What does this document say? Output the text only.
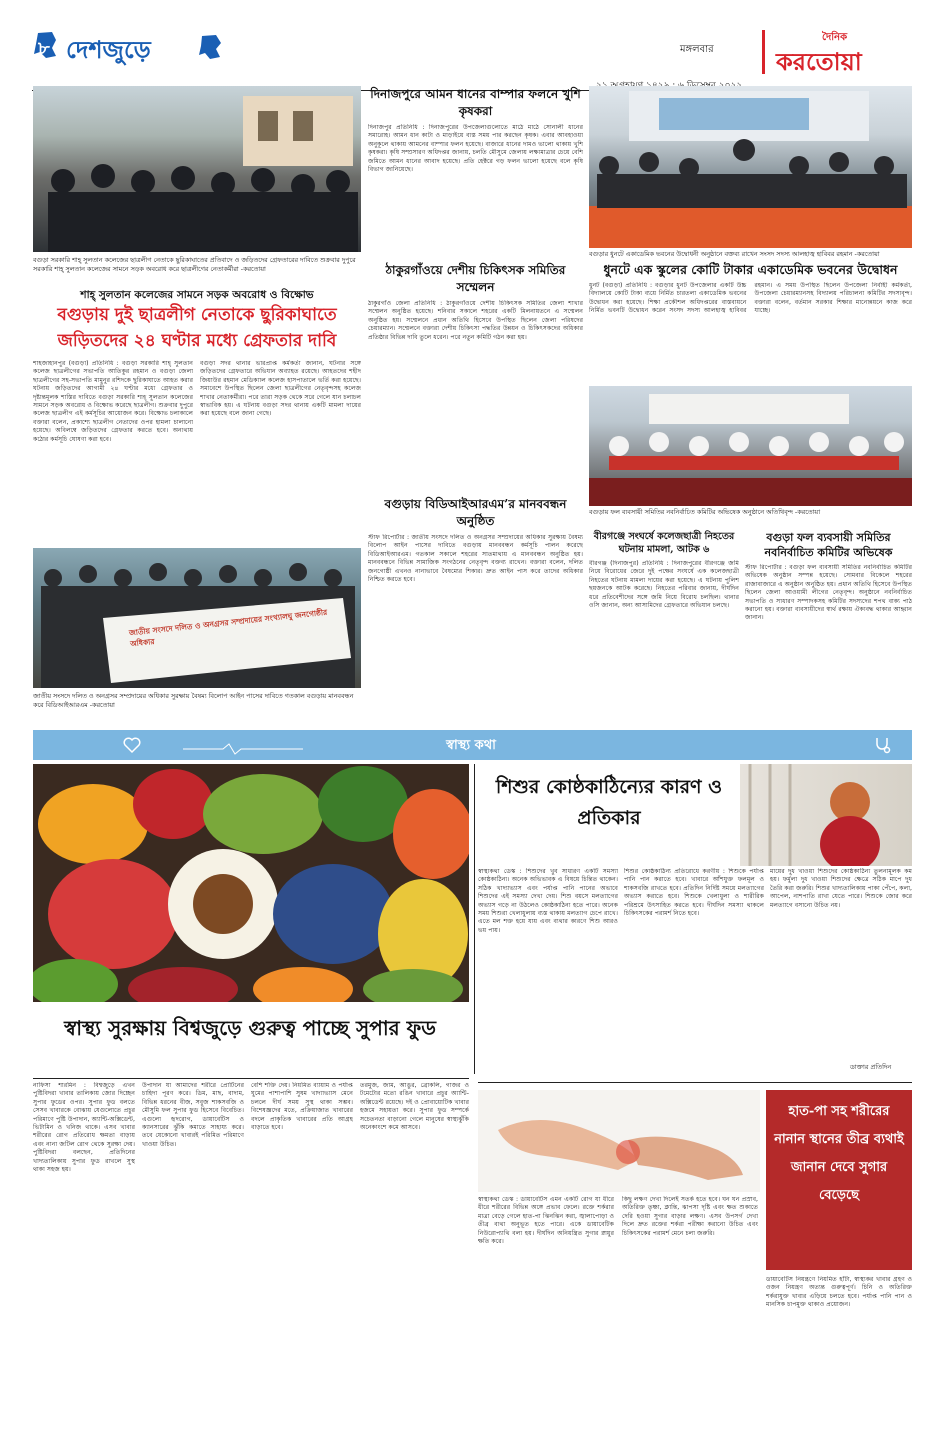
৮ দেশজুড়ে	মঙ্গলবার
দৈনিক
করতোয়া
বগুড়া সরকারি শাহ্ সুলতান কলেজের ছাত্রলীগ নেতাকে ছুরিকাঘাতের প্রতিবাদে ও জড়িতদের গ্রেফতারের দাবিতে শুক্রবার দুপুরে সরকারি শাহ্ সুলতান কলেজের সামনে সড়ক অবরোধ করে ছাত্রলীগের নেতাকর্মীরা -করতোয়া
শাহ্ সুলতান কলেজের সামনে সড়ক অবরোধ ও বিক্ষোভ
বগুড়ায় দুই ছাত্রলীগ নেতাকে ছুরিকাঘাতে জড়িতদের ২৪ ঘণ্টার মধ্যে গ্রেফতার দাবি
শাহজাহানপুর (বগুড়া) প্রতিনিধি : বগুড়া সরকারি শাহ্ সুলতান কলেজ ছাত্রলীগের সভাপতি আতিকুর রহমান ও বগুড়া জেলা ছাত্রলীগের সহ-সভাপতি মামুনুর রশিদকে ছুরিকাঘাতে আহত করার ঘটনায় জড়িতদের আগামী ২৪ ঘণ্টার মধ্যে গ্রেফতার ও দৃষ্টান্তমূলক শাস্তির দাবিতে বগুড়া সরকারি শাহ্ সুলতান কলেজের সামনে সড়ক অবরোধ ও বিক্ষোভ করেছে ছাত্রলীগ। শুক্রবার দুপুরে কলেজ ছাত্রলীগ এই কর্মসূচির আয়োজন করে। বিক্ষোভ চলাকালে বক্তারা বলেন, প্রকাশ্যে ছাত্রলীগ নেতাদের ওপর হামলা চালানো হয়েছে। অবিলম্বে জড়িতদের গ্রেফতার করতে হবে। অন্যথায় কঠোর কর্মসূচি ঘোষণা করা হবে।
বগুড়া সদর থানার ভারপ্রাপ্ত কর্মকর্তা জানান, ঘটনার সঙ্গে জড়িতদের গ্রেফতারে অভিযান অব্যাহত রয়েছে। আহতদের শহীদ জিয়াউর রহমান মেডিক্যাল কলেজ হাসপাতালে ভর্তি করা হয়েছে। সমাবেশে উপস্থিত ছিলেন জেলা ছাত্রলীগের নেতৃবৃন্দসহ কলেজ শাখার নেতাকর্মীরা। পরে তারা সড়ক থেকে সরে গেলে যান চলাচল স্বাভাবিক হয়। এ ঘটনায় বগুড়া সদর থানায় একটি মামলা দায়ের করা হয়েছে বলে জানা গেছে।
জাতীয় সংসদে দলিত ও অনগ্রসর সম্প্রদায়ের সংখ্যালঘু জনগোষ্ঠীর অধিকার
জাতীয় সংসদে দলিত ও অনগ্রসর সম্প্রদায়ের অধিকার সুরক্ষায় বৈষম্য বিলোপ আইন পাসের দাবিতে গতকাল বগুড়ায় মানববন্ধন করে বিডিআইআরএম -করতোয়া
দিনাজপুরে আমন ধানের বাম্পার ফলনে খুশি কৃষকরা
দিনাজপুর প্রতিনিধি : দিনাজপুরের উপজেলাগুলোতে মাঠে মাঠে সোনালী ধানের সমারোহ। আমন ধান কাটা ও মাড়াইয়ে ব্যস্ত সময় পার করছেন কৃষক। এবার আবহাওয়া অনুকূলে থাকায় আমনের বাম্পার ফলন হয়েছে। বাজারে ধানের দামও ভালো থাকায় খুশি কৃষকরা। কৃষি সম্প্রসারণ অধিদপ্তর জানায়, চলতি মৌসুমে জেলায় লক্ষ্যমাত্রার চেয়ে বেশি জমিতে আমন ধানের আবাদ হয়েছে। প্রতি হেক্টরে গড় ফলন ভালো হয়েছে বলে কৃষি বিভাগ জানিয়েছে।
ঠাকুরগাঁওয়ে দেশীয় চিকিৎসক সমিতির সম্মেলন
ঠাকুরগাঁও জেলা প্রতিনিধি : ঠাকুরগাঁওয়ে দেশীয় চিকিৎসক সমিতির জেলা শাখার সম্মেলন অনুষ্ঠিত হয়েছে। শনিবার সকালে শহরের একটি মিলনায়তনে এ সম্মেলন অনুষ্ঠিত হয়। সম্মেলনে প্রধান অতিথি হিসেবে উপস্থিত ছিলেন জেলা পরিষদের চেয়ারম্যান। সম্মেলনে বক্তারা দেশীয় চিকিৎসা পদ্ধতির উন্নয়ন ও চিকিৎসকদের অধিকার প্রতিষ্ঠার বিভিন্ন দাবি তুলে ধরেন। পরে নতুন কমিটি গঠন করা হয়।
বগুড়ায় বিডিআইআরএম’র মানববন্ধন অনুষ্ঠিত
স্টাফ রিপোর্টার : জাতীয় সংসদে দলিত ও অনগ্রসর সম্প্রদায়ের অধিকার সুরক্ষায় বৈষম্য বিলোপ আইন পাসের দাবিতে বগুড়ায় মানববন্ধন কর্মসূচি পালন করেছে বিডিআইআরএম। গতকাল সকালে শহরের সাতমাথায় এ মানববন্ধন অনুষ্ঠিত হয়। মানববন্ধনে বিভিন্ন সামাজিক সংগঠনের নেতৃবৃন্দ বক্তব্য রাখেন। বক্তারা বলেন, দলিত জনগোষ্ঠী এখনও নানাভাবে বৈষম্যের শিকার। দ্রুত আইন পাস করে তাদের অধিকার নিশ্চিত করতে হবে।
বগুড়ার ধুনটে একাডেমিক ভবনের উদ্বোধনী অনুষ্ঠানে বক্তব্য রাখেন সংসদ সদস্য আলহাজ্ব হাবিবর রহমান -করতোয়া
ধুনটে এক স্কুলের কোটি টাকার একাডেমিক ভবনের উদ্বোধন
ধুনট (বগুড়া) প্রতিনিধি : বগুড়ার ধুনট উপজেলার একটি উচ্চ বিদ্যালয়ে কোটি টাকা ব্যয়ে নির্মিত চারতলা একাডেমিক ভবনের উদ্বোধন করা হয়েছে। শিক্ষা প্রকৌশল অধিদপ্তরের বাস্তবায়নে নির্মিত ভবনটি উদ্বোধন করেন সংসদ সদস্য আলহাজ্ব হাবিবর রহমান। এ সময় উপস্থিত ছিলেন উপজেলা নির্বাহী কর্মকর্তা, উপজেলা চেয়ারম্যানসহ বিদ্যালয় পরিচালনা কমিটির সদস্যবৃন্দ। বক্তারা বলেন, বর্তমান সরকার শিক্ষার মানোন্নয়নে কাজ করে যাচ্ছে।
বগুড়ায় ফল ব্যবসায়ী সমিতির নবনির্বাচিত কমিটির অভিষেক অনুষ্ঠানে অতিথিবৃন্দ -করতোয়া
বীরগঞ্জে সংঘর্ষে কলেজছাত্রী নিহতের ঘটনায় মামলা, আটক ৬
বীরগঞ্জ (দিনাজপুর) প্রতিনিধি : দিনাজপুরের বীরগঞ্জে জমি নিয়ে বিরোধের জেরে দুই পক্ষের সংঘর্ষে এক কলেজছাত্রী নিহতের ঘটনায় মামলা দায়ের করা হয়েছে। এ ঘটনায় পুলিশ ছয়জনকে আটক করেছে। নিহতের পরিবার জানায়, দীর্ঘদিন ধরে প্রতিবেশীদের সঙ্গে জমি নিয়ে বিরোধ চলছিল। থানার ওসি জানান, অন্য আসামিদের গ্রেফতারে অভিযান চলছে।
বগুড়া ফল ব্যবসায়ী সমিতির নবনির্বাচিত কমিটির অভিষেক
স্টাফ রিপোর্টার : বগুড়া ফল ব্যবসায়ী সমিতির নবনির্বাচিত কমিটির অভিষেক অনুষ্ঠান সম্পন্ন হয়েছে। সোমবার বিকেলে শহরের রাজাবাজারে এ অনুষ্ঠান অনুষ্ঠিত হয়। প্রধান অতিথি হিসেবে উপস্থিত ছিলেন জেলা আওয়ামী লীগের নেতৃবৃন্দ। অনুষ্ঠানে নবনির্বাচিত সভাপতি ও সাধারণ সম্পাদকসহ কমিটির সদস্যদের শপথ বাক্য পাঠ করানো হয়। বক্তারা ব্যবসায়ীদের স্বার্থ রক্ষায় ঐক্যবদ্ধ থাকার আহ্বান জানান।
স্বাস্থ্য কথা
স্বাস্থ্য সুরক্ষায় বিশ্বজুড়ে গুরুত্ব পাচ্ছে সুপার ফুড
নাফিসা শারমিন : বিশ্বজুড়ে এখন পুষ্টিবিদরা খাবার তালিকায় জোর দিচ্ছেন সুপার ফুডের ওপর। সুপার ফুড বলতে সেসব খাবারকে বোঝায় যেগুলোতে প্রচুর পরিমাণে পুষ্টি উপাদান, অ্যান্টি-অক্সিডেন্ট, ভিটামিন ও খনিজ থাকে। এসব খাবার শরীরের রোগ প্রতিরোধ ক্ষমতা বাড়ায় এবং নানা জটিল রোগ থেকে সুরক্ষা দেয়। পুষ্টিবিদরা বলছেন, প্রতিদিনের খাদ্যতালিকায় সুপার ফুড রাখলে সুস্থ থাকা সহজ হয়।
উপাদান যা আমাদের শরীরে প্রোটিনের চাহিদা পূরণ করে। ডিম, মাছ, বাদাম, বিভিন্ন ধরনের বীজ, সবুজ শাকসবজি ও মৌসুমি ফল সুপার ফুড হিসেবে বিবেচিত। এগুলো হৃদরোগ, ডায়াবেটিস ও ক্যানসারের ঝুঁকি কমাতে সাহায্য করে। তবে যেকোনো খাবারই পরিমিত পরিমাণে খাওয়া উচিত।
বেশি শক্তি দেয়। নিয়মিত ব্যায়াম ও পর্যাপ্ত ঘুমের পাশাপাশি সুষম খাদ্যাভ্যাস মেনে চললে দীর্ঘ সময় সুস্থ থাকা সম্ভব। বিশেষজ্ঞদের মতে, প্রক্রিয়াজাত খাবারের বদলে প্রাকৃতিক খাবারের প্রতি আগ্রহ বাড়াতে হবে।
তরমুজ, জাম, আঙুর, ব্রোকলি, গাজর ও টমেটোর মতো রঙিন খাবারে প্রচুর অ্যান্টি-অক্সিডেন্ট রয়েছে। দই ও প্রোবায়োটিক খাবার হজমে সহায়তা করে। সুপার ফুড সম্পর্কে সচেতনতা বাড়ানো গেলে মানুষের স্বাস্থ্যঝুঁকি অনেকাংশে কমে আসবে।
শিশুর কোষ্ঠকাঠিন্যের কারণ ও প্রতিকার
স্বাস্থ্যকথা ডেস্ক : শিশুদের খুব সাধারণ একটি সমস্যা কোষ্ঠকাঠিন্য। অনেক অভিভাবক এ বিষয়ে চিন্তিত থাকেন। সঠিক খাদ্যাভ্যাস এবং পর্যাপ্ত পানি পানের অভাবে শিশুদের এই সমস্যা দেখা দেয়। শিশু বয়সে মলত্যাগের অভ্যাস গড়ে না উঠলেও কোষ্ঠকাঠিন্য হতে পারে। অনেক সময় শিশুরা খেলাধুলায় ব্যস্ত থাকায় মলত্যাগ চেপে রাখে। এতে মল শক্ত হয়ে যায় এবং ব্যথার কারণে শিশু আরও ভয় পায়।
শিশুর কোষ্ঠকাঠিন্য প্রতিরোধে করণীয় : শিশুকে পর্যাপ্ত পানি পান করাতে হবে। খাবারে আঁশযুক্ত ফলমূল ও শাকসবজি রাখতে হবে। প্রতিদিন নির্দিষ্ট সময়ে মলত্যাগের অভ্যাস করাতে হবে। শিশুকে খেলাধুলা ও শারীরিক পরিশ্রমে উৎসাহিত করতে হবে। দীর্ঘদিন সমস্যা থাকলে চিকিৎসকের পরামর্শ নিতে হবে।
মায়ের দুধ খাওয়া শিশুদের কোষ্ঠকাঠিন্য তুলনামূলক কম হয়। ফর্মুলা দুধ খাওয়া শিশুদের ক্ষেত্রে সঠিক মাপে দুধ তৈরি করা জরুরি। শিশুর খাদ্যতালিকায় পাকা পেঁপে, কলা, আপেল, নাশপাতি রাখা যেতে পারে। শিশুকে জোর করে মলত্যাগে বসানো উচিত নয়।
ডাক্তার প্রতিদিন
হাত-পা সহ শরীরের নানান স্থানের তীব্র ব্যথাই জানান দেবে সুগার বেড়েছে
স্বাস্থ্যকথা ডেস্ক : ডায়াবেটিস এমন একটি রোগ যা ধীরে ধীরে শরীরের বিভিন্ন অঙ্গে প্রভাব ফেলে। রক্তে শর্করার মাত্রা বেড়ে গেলে হাত-পা ঝিনঝিন করা, জ্বালাপোড়া ও তীব্র ব্যথা অনুভূত হতে পারে। একে ডায়াবেটিক নিউরোপ্যাথি বলা হয়। দীর্ঘদিন অনিয়ন্ত্রিত সুগার স্নায়ুর ক্ষতি করে।
কিছু লক্ষণ দেখা দিলেই সতর্ক হতে হবে। ঘন ঘন প্রস্রাব, অতিরিক্ত তৃষ্ণা, ক্লান্তি, ঝাপসা দৃষ্টি এবং ক্ষত শুকাতে দেরি হওয়া সুগার বাড়ার লক্ষণ। এসব উপসর্গ দেখা দিলে দ্রুত রক্তের শর্করা পরীক্ষা করানো উচিত এবং চিকিৎসকের পরামর্শ মেনে চলা জরুরি।
ডায়াবেটিস নিয়ন্ত্রণে নিয়মিত হাঁটা, স্বাস্থ্যকর খাবার গ্রহণ ও ওজন নিয়ন্ত্রণ অত্যন্ত গুরুত্বপূর্ণ। চিনি ও অতিরিক্ত শর্করাযুক্ত খাবার এড়িয়ে চলতে হবে। পর্যাপ্ত পানি পান ও মানসিক চাপমুক্ত থাকাও প্রয়োজন।
